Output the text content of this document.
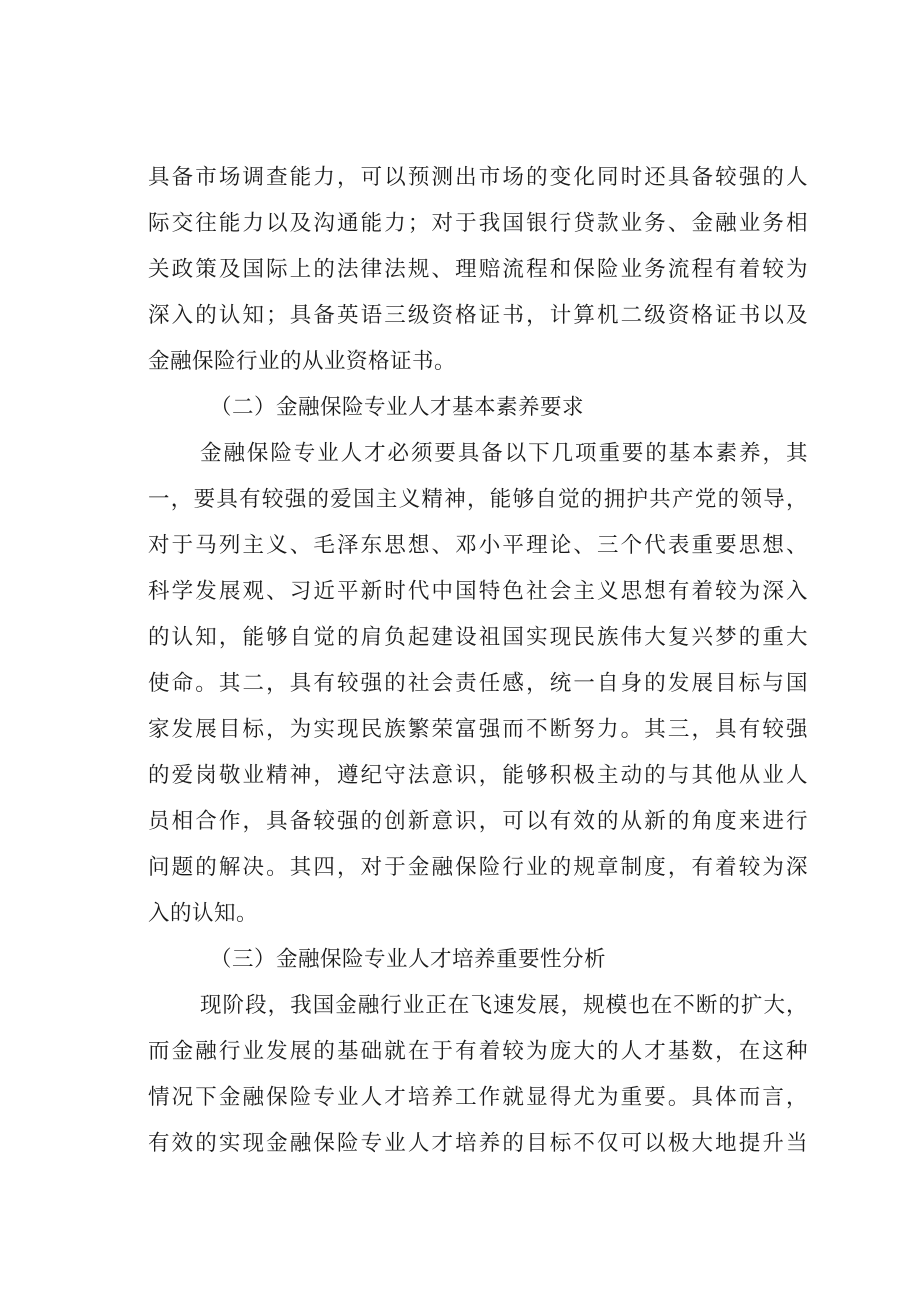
具备市场调查能力，可以预测出市场的变化同时还具备较强的人
际交往能力以及沟通能力；对于我国银行贷款业务、金融业务相
关政策及国际上的法律法规、理赔流程和保险业务流程有着较为
深入的认知；具备英语三级资格证书，计算机二级资格证书以及
金融保险行业的从业资格证书。
（二）金融保险专业人才基本素养要求
金融保险专业人才必须要具备以下几项重要的基本素养，其
一，要具有较强的爱国主义精神，能够自觉的拥护共产党的领导，
对于马列主义、毛泽东思想、邓小平理论、三个代表重要思想、
科学发展观、习近平新时代中国特色社会主义思想有着较为深入
的认知，能够自觉的肩负起建设祖国实现民族伟大复兴梦的重大
使命。其二，具有较强的社会责任感，统一自身的发展目标与国
家发展目标，为实现民族繁荣富强而不断努力。其三，具有较强
的爱岗敬业精神，遵纪守法意识，能够积极主动的与其他从业人
员相合作，具备较强的创新意识，可以有效的从新的角度来进行
问题的解决。其四，对于金融保险行业的规章制度，有着较为深
入的认知。
（三）金融保险专业人才培养重要性分析
现阶段，我国金融行业正在飞速发展，规模也在不断的扩大，
而金融行业发展的基础就在于有着较为庞大的人才基数，在这种
情况下金融保险专业人才培养工作就显得尤为重要。具体而言，
有效的实现金融保险专业人才培养的目标不仅可以极大地提升当
